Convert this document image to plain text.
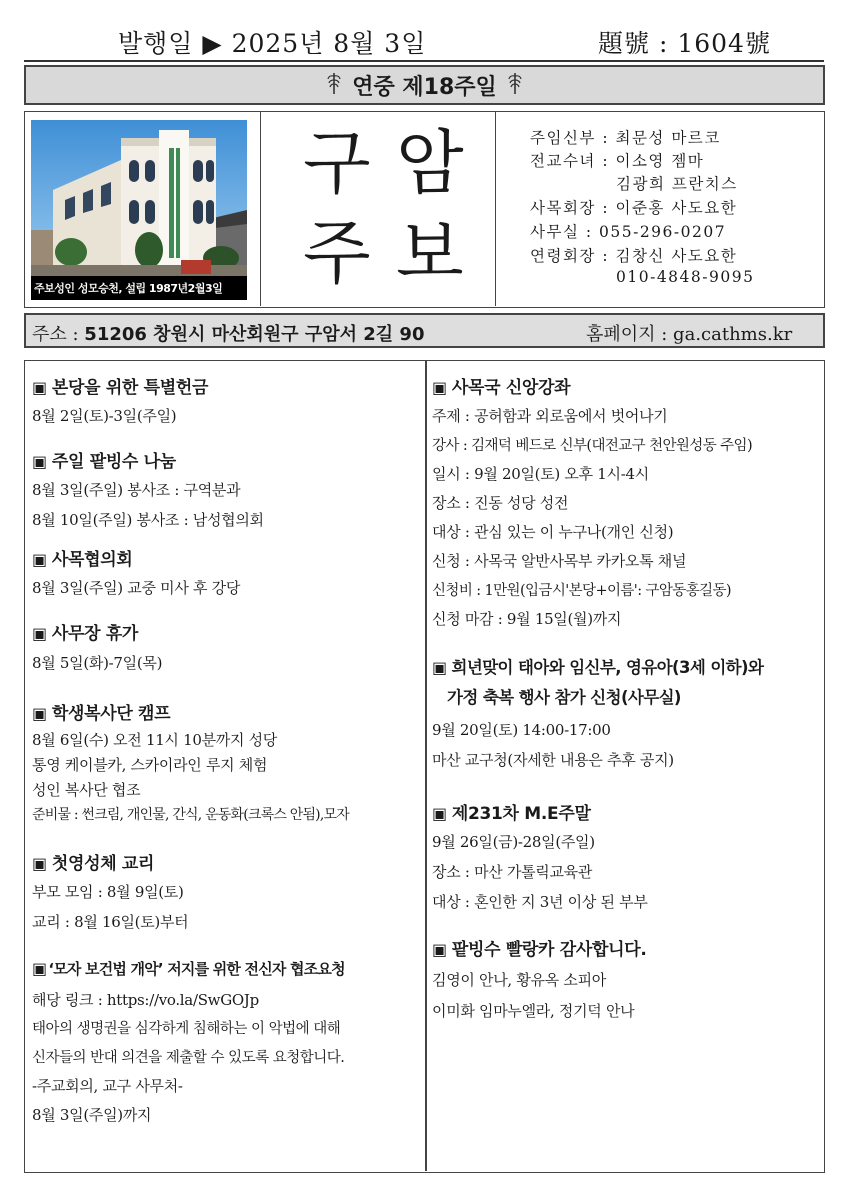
발행일 ▶ 2025년 8월 3일	題號 : 1604號
연중 제18주일
주보성인 성모승천, 설립 1987년2월3일
구 암
주 보
주임신부 : 최문성 마르코
전교수녀 : 이소영 젬마
김광희 프란치스
사목회장 : 이준홍 사도요한
사무실 : 055-296-0207
연령회장 : 김창신 사도요한
010-4848-9095
주소 : 51206 창원시 마산회원구 구암서 2길 90	홈페이지 : ga.cathms.kr
▣ 본당을 위한 특별헌금
8월 2일(토)-3일(주일)
▣ 주일 팥빙수 나눔
8월 3일(주일) 봉사조 : 구역분과
8월 10일(주일) 봉사조 : 남성협의회
▣ 사목협의회
8월 3일(주일) 교중 미사 후 강당
▣ 사무장 휴가
8월 5일(화)-7일(목)
▣ 학생복사단 캠프
8월 6일(수) 오전 11시 10분까지 성당
통영 케이블카, 스카이라인 루지 체험
성인 복사단 협조
준비물 : 썬크림, 개인물, 간식, 운동화(크록스 안됨),모자
▣ 첫영성체 교리
부모 모임 : 8월 9일(토)
교리 : 8월 16일(토)부터
▣ ‘모자 보건법 개악’ 저지를 위한 전신자 협조요청
해당 링크 : https://vo.la/SwGOJp
태아의 생명권을 심각하게 침해하는 이 악법에 대해
신자들의 반대 의견을 제출할 수 있도록 요청합니다.
-주교회의, 교구 사무처-
8월 3일(주일)까지
▣ 사목국 신앙강좌
주제 : 공허함과 외로움에서 벗어나기
강사 : 김재덕 베드로 신부(대전교구 천안원성동 주임)
일시 : 9월 20일(토) 오후 1시-4시
장소 : 진동 성당 성전
대상 : 관심 있는 이 누구나(개인 신청)
신청 : 사목국 알반사목부 카카오톡 채널
신청비 : 1만원(입금시'본당+이름': 구암동홍길동)
신청 마감 : 9월 15일(월)까지
▣ 희년맞이 태아와 임신부, 영유아(3세 이하)와
가정 축복 행사 참가 신청(사무실)
9월 20일(토) 14:00-17:00
마산 교구청(자세한 내용은 추후 공지)
▣ 제231차 M.E주말
9월 26일(금)-28일(주일)
장소 : 마산 가톨릭교육관
대상 : 혼인한 지 3년 이상 된 부부
▣ 팥빙수 빨랑카 감사합니다.
김영이 안나, 황유옥 소피아
이미화 임마누엘라, 정기덕 안나
